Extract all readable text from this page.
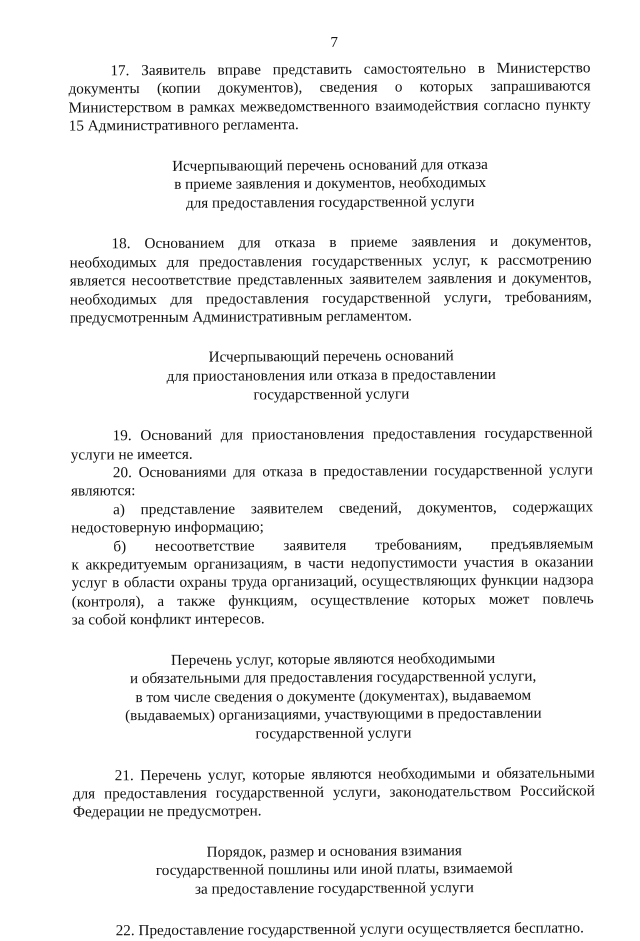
7
17. Заявитель вправе представить самостоятельно в Министерство
документы (копии документов), сведения о которых запрашиваются
Министерством в рамках межведомственного взаимодействия согласно пункту
15 Административного регламента.
Исчерпывающий перечень оснований для отказа
в приеме заявления и документов, необходимых
для предоставления государственной услуги
18. Основанием для отказа в приеме заявления и документов,
необходимых для предоставления государственных услуг, к рассмотрению
является несоответствие представленных заявителем заявления и документов,
необходимых для предоставления государственной услуги, требованиям,
предусмотренным Административным регламентом.
Исчерпывающий перечень оснований
для приостановления или отказа в предоставлении
государственной услуги
19. Оснований для приостановления предоставления государственной
услуги не имеется.
20. Основаниями для отказа в предоставлении государственной услуги
являются:
а) представление заявителем сведений, документов, содержащих
недостоверную информацию;
б) несоответствие заявителя требованиям, предъявляемым
к аккредитуемым организациям, в части недопустимости участия в оказании
услуг в области охраны труда организаций, осуществляющих функции надзора
(контроля), а также функциям, осуществление которых может повлечь
за собой конфликт интересов.
Перечень услуг, которые являются необходимыми
и обязательными для предоставления государственной услуги,
в том числе сведения о документе (документах), выдаваемом
(выдаваемых) организациями, участвующими в предоставлении
государственной услуги
21. Перечень услуг, которые являются необходимыми и обязательными
для предоставления государственной услуги, законодательством Российской
Федерации не предусмотрен.
Порядок, размер и основания взимания
государственной пошлины или иной платы, взимаемой
за предоставление государственной услуги
22. Предоставление государственной услуги осуществляется бесплатно.
